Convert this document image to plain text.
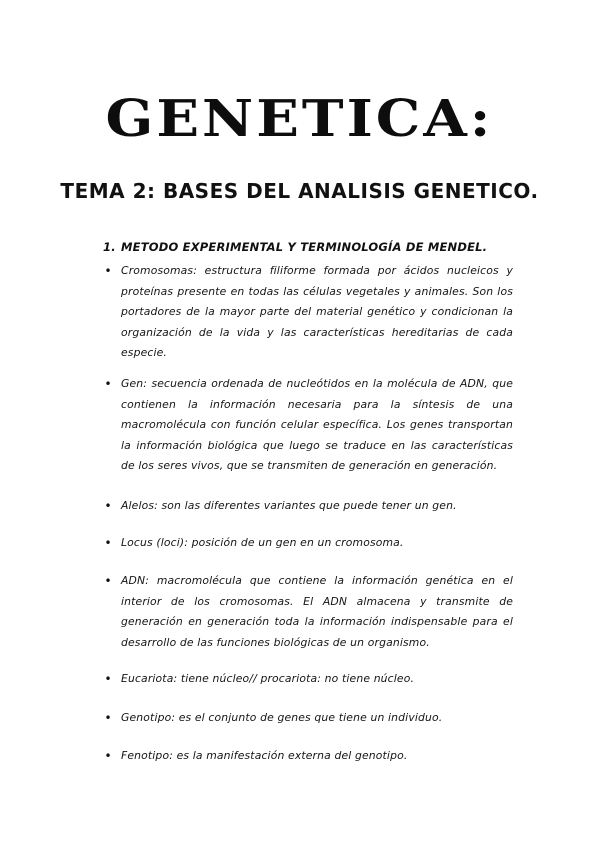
GENETICA:
TEMA 2: BASES DEL ANALISIS GENETICO.

1. METODO EXPERIMENTAL Y TERMINOLOGÍA DE MENDEL.

• Cromosomas: estructura filiforme formada por ácidos nucleicos y proteínas presente en todas las células vegetales y animales. Son los portadores de la mayor parte del material genético y condicionan la organización de la vida y las características hereditarias de cada especie.

• Gen: secuencia ordenada de nucleótidos en la molécula de ADN, que contienen la información necesaria para la síntesis de una macromolécula con función celular específica. Los genes transportan la información biológica que luego se traduce en las características de los seres vivos, que se transmiten de generación en generación.

• Alelos: son las diferentes variantes que puede tener un gen.

• Locus (loci): posición de un gen en un cromosoma.

• ADN: macromolécula que contiene la información genética en el interior de los cromosomas. El ADN almacena y transmite de generación en generación toda la información indispensable para el desarrollo de las funciones biológicas de un organismo.

• Eucariota: tiene núcleo// procariota: no tiene núcleo.

• Genotipo: es el conjunto de genes que tiene un individuo.

• Fenotipo: es la manifestación externa del genotipo.
